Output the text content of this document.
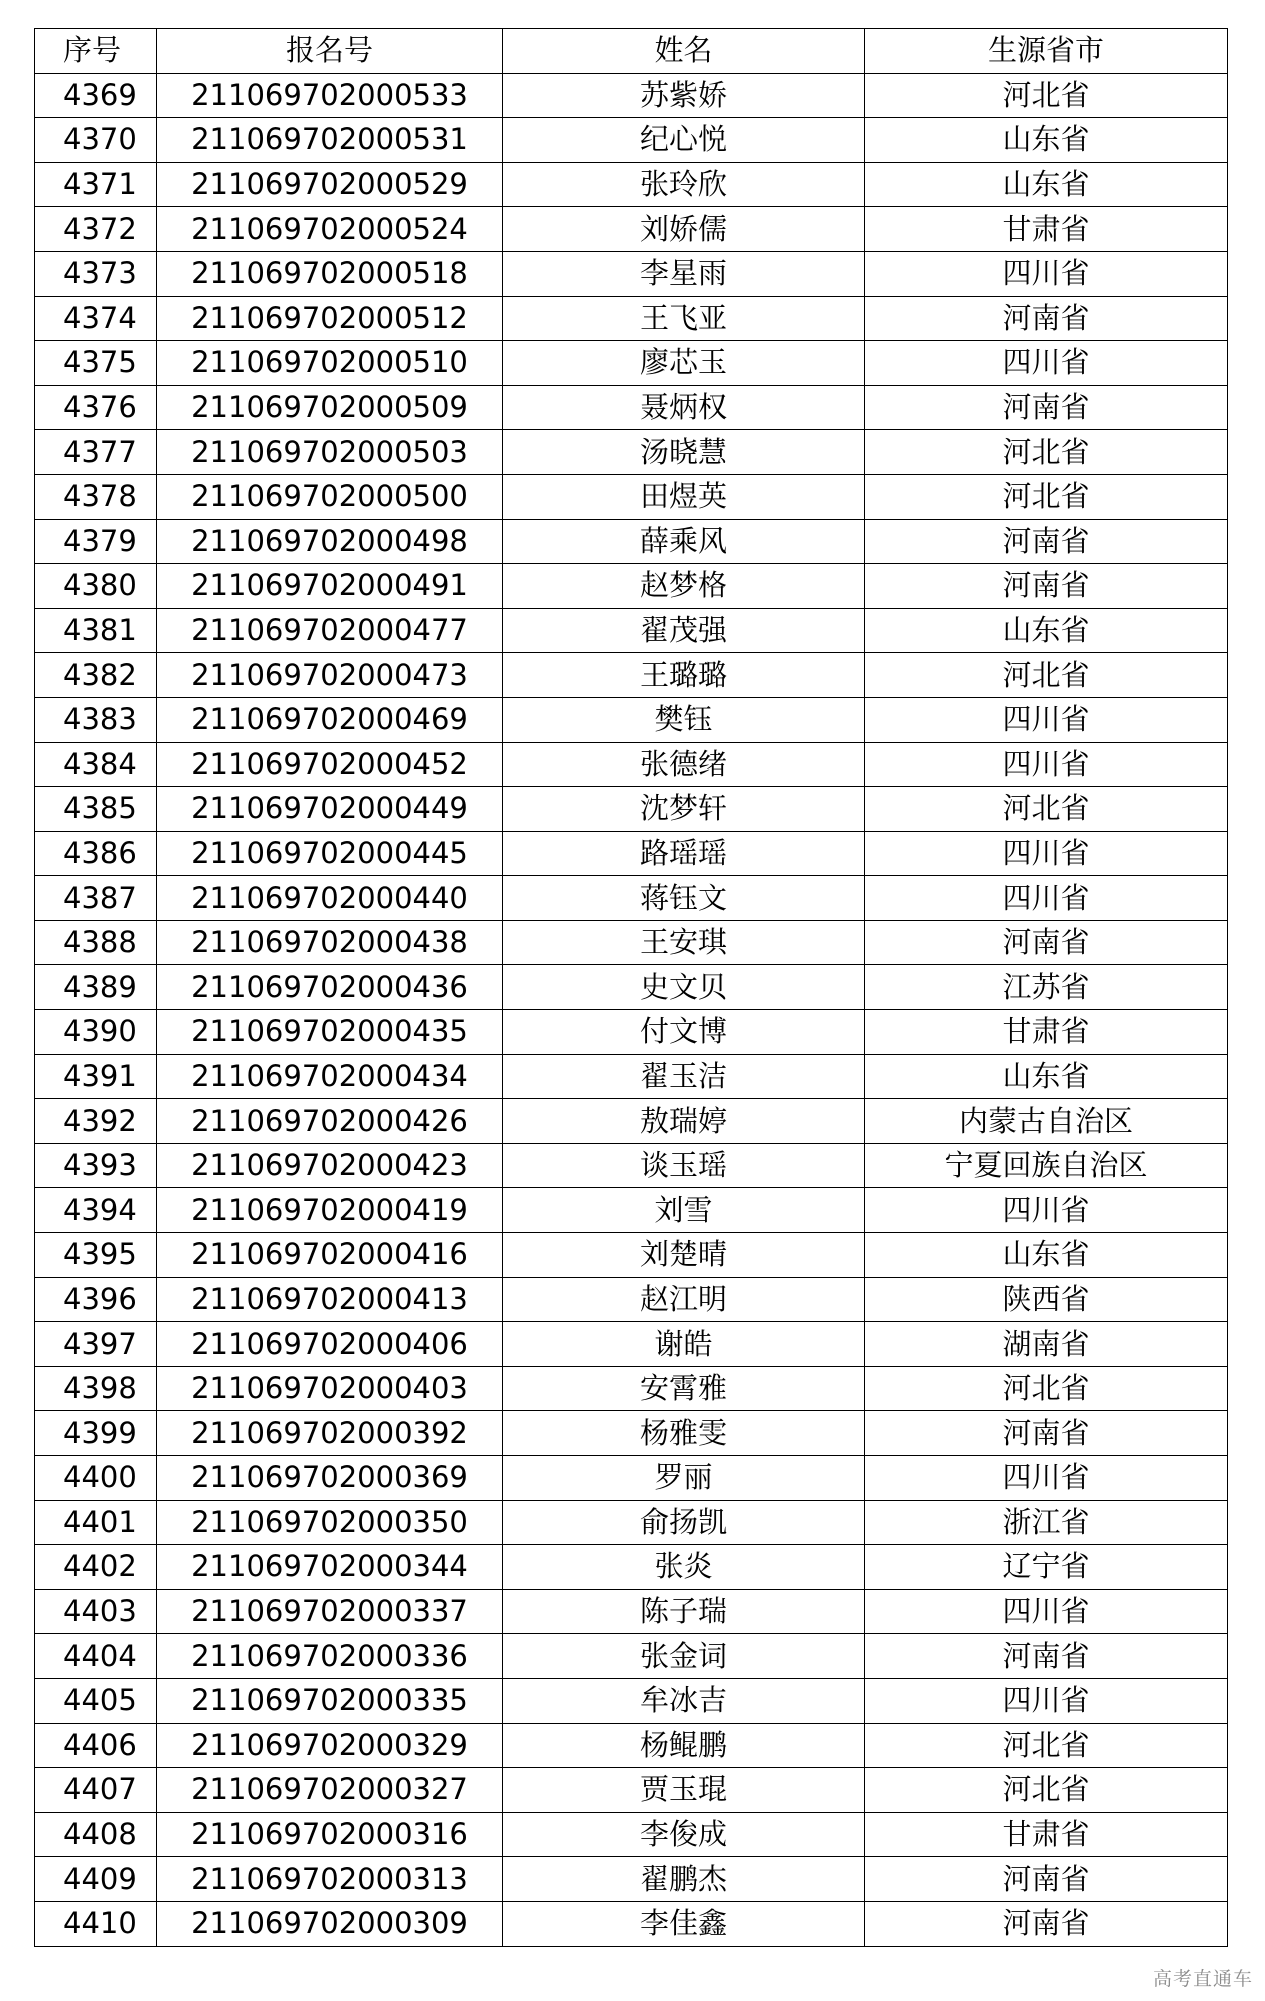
序号	报名号	姓名	生源省市
4369	211069702000533	苏紫娇	河北省
4370	211069702000531	纪心悦	山东省
4371	211069702000529	张玲欣	山东省
4372	211069702000524	刘娇儒	甘肃省
4373	211069702000518	李星雨	四川省
4374	211069702000512	王飞亚	河南省
4375	211069702000510	廖芯玉	四川省
4376	211069702000509	聂炳权	河南省
4377	211069702000503	汤晓慧	河北省
4378	211069702000500	田煜英	河北省
4379	211069702000498	薛乘风	河南省
4380	211069702000491	赵梦格	河南省
4381	211069702000477	翟茂强	山东省
4382	211069702000473	王璐璐	河北省
4383	211069702000469	樊钰	四川省
4384	211069702000452	张德绪	四川省
4385	211069702000449	沈梦轩	河北省
4386	211069702000445	路瑶瑶	四川省
4387	211069702000440	蒋钰文	四川省
4388	211069702000438	王安琪	河南省
4389	211069702000436	史文贝	江苏省
4390	211069702000435	付文博	甘肃省
4391	211069702000434	翟玉洁	山东省
4392	211069702000426	敖瑞婷	内蒙古自治区
4393	211069702000423	谈玉瑶	宁夏回族自治区
4394	211069702000419	刘雪	四川省
4395	211069702000416	刘楚晴	山东省
4396	211069702000413	赵江明	陕西省
4397	211069702000406	谢皓	湖南省
4398	211069702000403	安霄雅	河北省
4399	211069702000392	杨雅雯	河南省
4400	211069702000369	罗丽	四川省
4401	211069702000350	俞扬凯	浙江省
4402	211069702000344	张炎	辽宁省
4403	211069702000337	陈子瑞	四川省
4404	211069702000336	张金词	河南省
4405	211069702000335	牟冰吉	四川省
4406	211069702000329	杨鲲鹏	河北省
4407	211069702000327	贾玉琨	河北省
4408	211069702000316	李俊成	甘肃省
4409	211069702000313	翟鹏杰	河南省
4410	211069702000309	李佳鑫	河南省
高考直通车
